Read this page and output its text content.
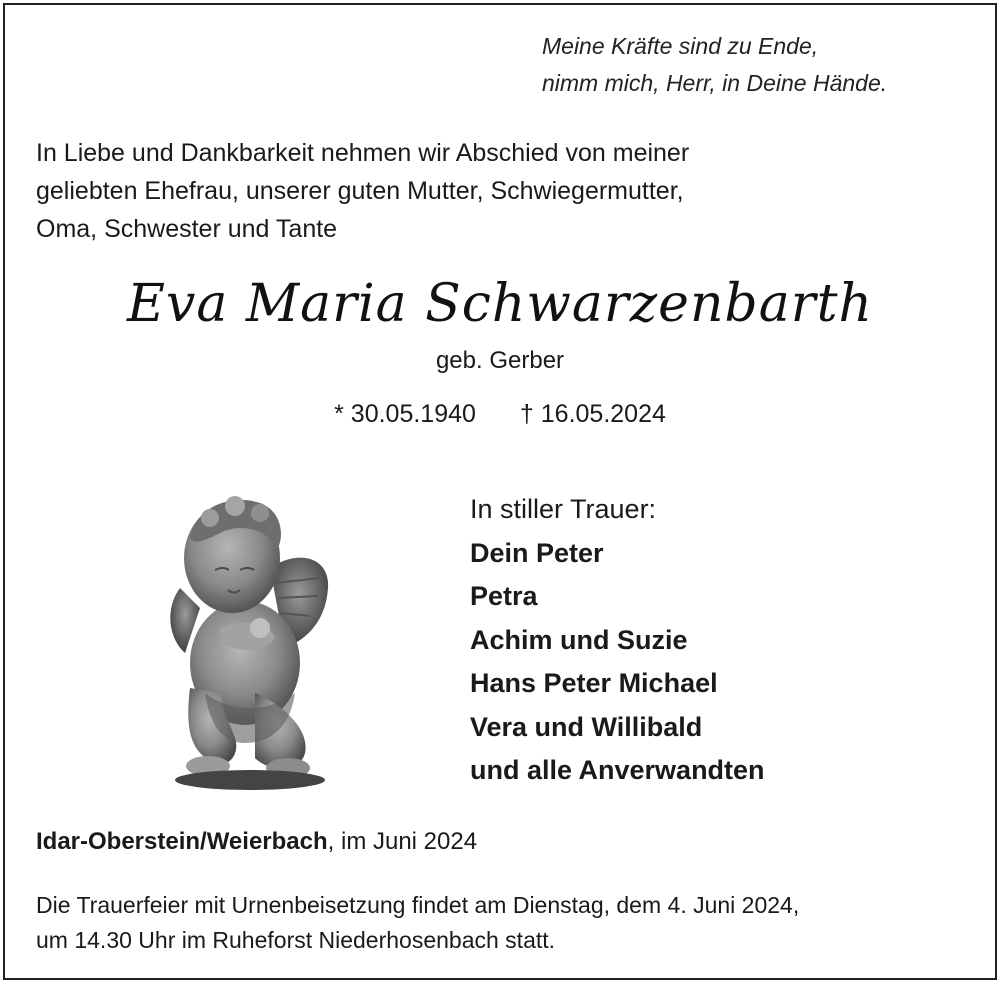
Meine Kräfte sind zu Ende,
nimm mich, Herr, in Deine Hände.
In Liebe und Dankbarkeit nehmen wir Abschied von meiner
geliebten Ehefrau, unserer guten Mutter, Schwiegermutter,
Oma, Schwester und Tante
Eva Maria Schwarzenbarth
geb. Gerber
* 30.05.1940 † 16.05.2024
In stiller Trauer:
Dein Peter
Petra
Achim und Suzie
Hans Peter Michael
Vera und Willibald
und alle Anverwandten
Idar-Oberstein/Weierbach, im Juni 2024
Die Trauerfeier mit Urnenbeisetzung findet am Dienstag, dem 4. Juni 2024,
um 14.30 Uhr im Ruheforst Niederhosenbach statt.
